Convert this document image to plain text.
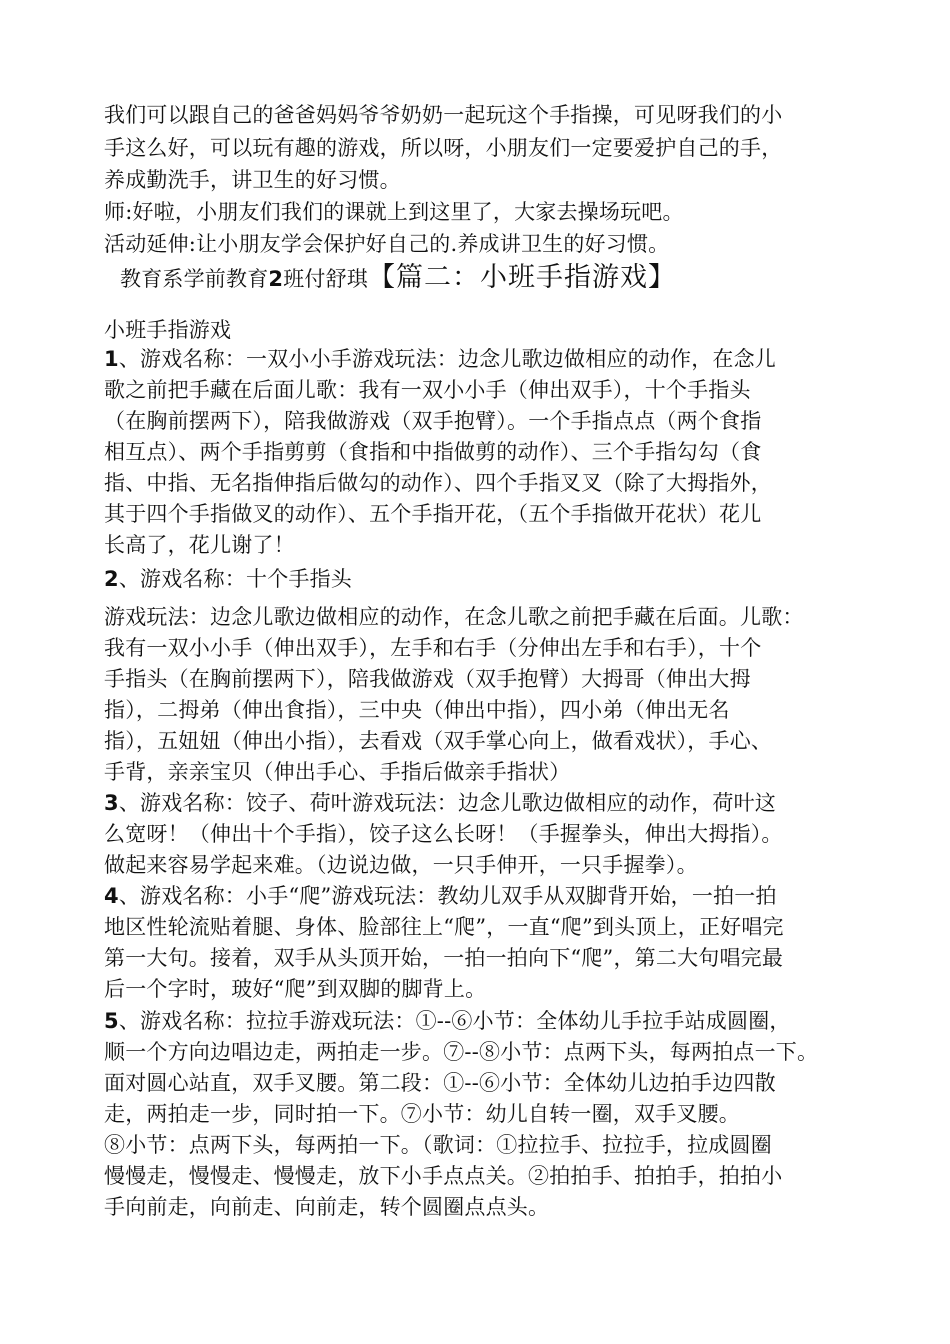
我们可以跟自己的爸爸妈妈爷爷奶奶一起玩这个手指操，可见呀我们的小

手这么好，可以玩有趣的游戏，所以呀，小朋友们一定要爱护自己的手，

养成勤洗手，讲卫生的好习惯。

师:好啦，小朋友们我们的课就上到这里了，大家去操场玩吧。

活动延伸:让小朋友学会保护好自己的.养成讲卫生的好习惯。

教育系学前教育2班付舒琪【篇二：小班手指游戏】

小班手指游戏

1、游戏名称：一双小小手游戏玩法：边念儿歌边做相应的动作，在念儿

歌之前把手藏在后面儿歌：我有一双小小手（伸出双手），十个手指头

（在胸前摆两下），陪我做游戏（双手抱臂）。一个手指点点（两个食指

相互点）、两个手指剪剪（食指和中指做剪的动作）、三个手指勾勾（食

指、中指、无名指伸指后做勾的动作）、四个手指叉叉（除了大拇指外，

其于四个手指做叉的动作）、五个手指开花，（五个手指做开花状）花儿

长高了，花儿谢了！

2、游戏名称：十个手指头

游戏玩法：边念儿歌边做相应的动作，在念儿歌之前把手藏在后面。儿歌：

我有一双小小手（伸出双手），左手和右手（分伸出左手和右手），十个

手指头（在胸前摆两下），陪我做游戏（双手抱臂）大拇哥（伸出大拇

指），二拇弟（伸出食指），三中央（伸出中指），四小弟（伸出无名

指），五妞妞（伸出小指），去看戏（双手掌心向上，做看戏状），手心、

手背，亲亲宝贝（伸出手心、手指后做亲手指状）

3、游戏名称：饺子、荷叶游戏玩法：边念儿歌边做相应的动作，荷叶这

么宽呀！（伸出十个手指），饺子这么长呀！（手握拳头，伸出大拇指）。

做起来容易学起来难。（边说边做，一只手伸开，一只手握拳）。

4、游戏名称：小手“爬”游戏玩法：教幼儿双手从双脚背开始，一拍一拍

地区性轮流贴着腿、身体、脸部往上“爬”，一直“爬”到头顶上，正好唱完

第一大句。接着，双手从头顶开始，一拍一拍向下“爬”，第二大句唱完最

后一个字时，玻好“爬”到双脚的脚背上。

5、游戏名称：拉拉手游戏玩法：①--⑥小节：全体幼儿手拉手站成圆圈，

顺一个方向边唱边走，两拍走一步。⑦--⑧小节：点两下头，每两拍点一下。

面对圆心站直，双手叉腰。第二段：①--⑥小节：全体幼儿边拍手边四散

走，两拍走一步，同时拍一下。⑦小节：幼儿自转一圈，双手叉腰。

⑧小节：点两下头，每两拍一下。（歌词：①拉拉手、拉拉手，拉成圆圈

慢慢走，慢慢走、慢慢走，放下小手点点关。②拍拍手、拍拍手，拍拍小

手向前走，向前走、向前走，转个圆圈点点头。
